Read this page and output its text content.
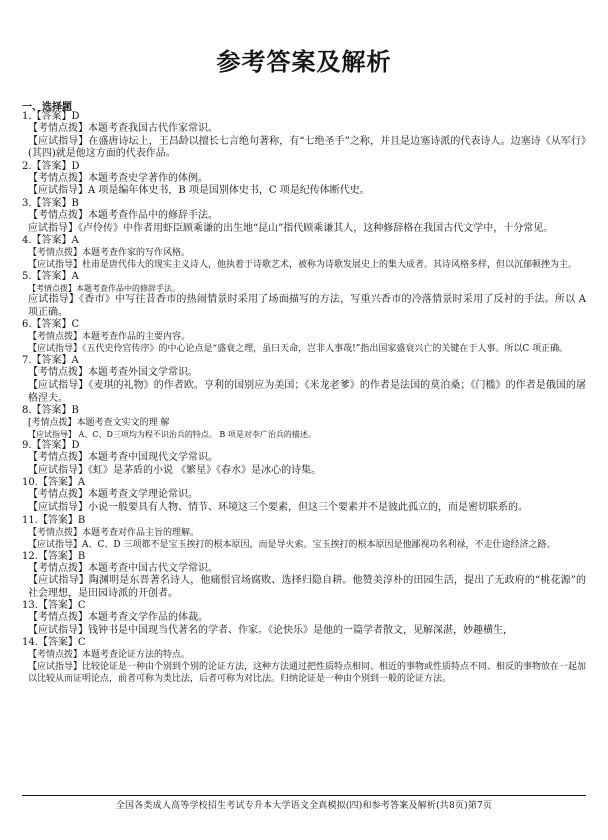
参考答案及解析
一、选择题

1.【答案】D

【考情点拨】本题考查我国古代作家常识。

【应试指导】在盛唐诗坛上，王昌龄以擅长七言绝句著称，有“七绝圣手”之称，并且是边塞诗派的代表诗人。边塞诗《从军行》(其四)就是他这方面的代表作品。

2.【答案】D

【考情点拨】本题考查史学著作的体例。

【应试指导】A 项是编年体史书，B 项是国别体史书，C 项是纪传体断代史。

3.【答案】B

【考情点拨】本题考查作品中的修辞手法。

应试指导】《卢伶传》中作者用虾臣顾乘谦的出生地“昆山”指代顾乘谦其人，这种修辞格在我国古代文学中，十分常见。

4.【答案】A

【考情点拨】本题考查作家的写作风格。

【应试指导】杜甫是唐代伟大的现实主义诗人，他执着于诗歌艺术，被称为诗歌发展史上的集大成者。其诗风格多样，但以沉郁顿挫为主。

5.【答案】A

【考情点拨】本题考查作品中的修辞手法。

应试指导】《香市》中写往昔香市的热闹情景时采用了场面描写的方法，写重兴香市的冷落情景时采用了反衬的手法。所以 A 项正确。

6.【答案】C

【考情点拨】本题考查作品的主要内容。

【应试指导】《五代史伶官传序》的中心论点是“盛衰之理，虽曰天命，岂非人事哉!”指出国家盛衰兴亡的关键在于人事。所以C 项正确。

7.【答案】A

【考情点拨】本题考查外国文学常识。

【应试指导】《麦琪的礼物》的作者欧。亨利的国别应为美国；《米龙老爹》的作者是法国的莫泊桑；《门槛》的作者是俄国的屠格涅夫。

8.【答案】B

[考情点拨】本题考查文实文的理 解

【应试指导】 A、C、D三项均为程不识治兵的特点。 B 项是对李广治兵的描述。

9.【答案】D

【考情点拨】本题考查中国现代文学常识。

【应试指导】《虹》是茅盾的小说 《繁星》《春水》是冰心的诗集。

10.【答案】A

【考情点拨】本题考查文学理论常识。

【应试指导】小说一般要具有人物、情节、环境这三个要素，但这三个要素并不是彼此孤立的，而是密切联系的。

11.【答案】B

【考情点拨】本题考查对作品主旨的理解。

【应试指导】A、C、D 三项都不是宝玉挨打的根本原因，而是导火索。宝玉挨打的根本原因是他鄙视功名利禄，不走仕途经济之路。

12.【答案】B

【考情点拨】本题考查中国古代文学常识。

【应试指导】陶渊明是东晋著名诗人，他痛恨官场腐败、选择归隐自耕。他赞美淳朴的田园生活，提出了无政府的“桃花源”的社会理想，是田园诗派的开创者。

13.【答案】C

【考情点拨】本题考查文学作品的体裁。

【应试指导】钱钟书是中国现当代著名的学者、作家。《论快乐》是他的一篇学者散文，见解深湛，妙趣横生，

14.【答案】C

【考情点拨】本题考查论证方法的特点。

【应试指导】比较论证是一种由个别到个别的论证方法，这种方法通过把性质特点相同、相近的事物或性质特点不同、相反的事物放在一起加以比较从而证明论点，前者可称为类比法，后者可称为对比法。归纳论证是一种由个别到一般的论证方法。

全国各类成人高等学校招生考试专升本大学语文全真模拟(四)和参考答案及解析(共8页)第7页
